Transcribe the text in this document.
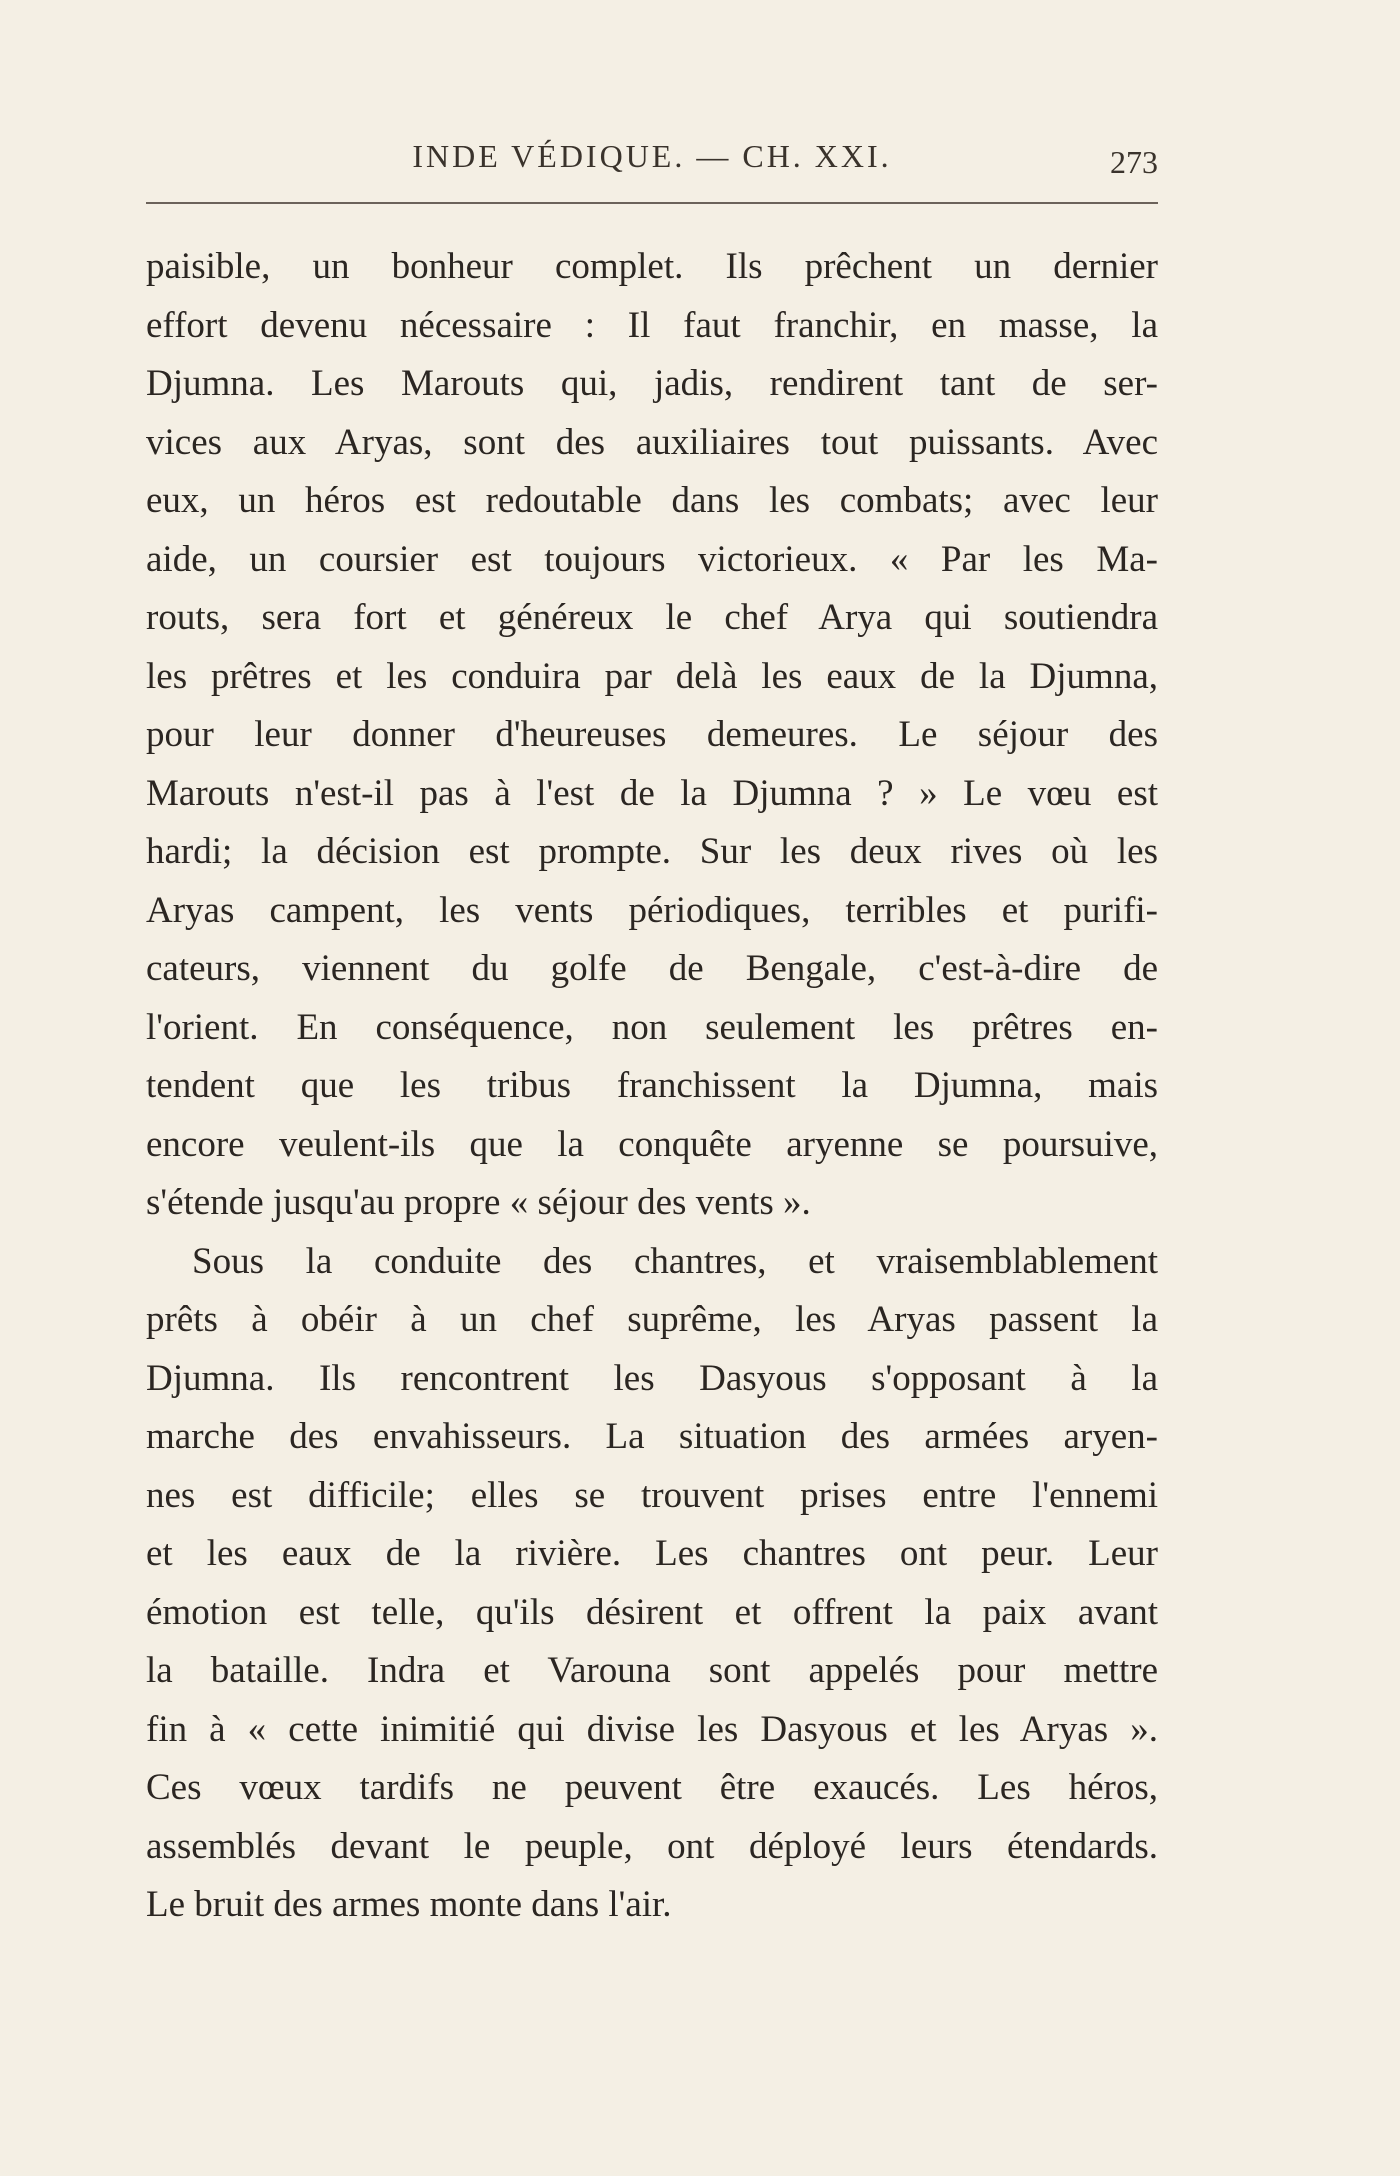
INDE VÉDIQUE. — CH. XXI.	273
paisible, un bonheur complet. Ils prêchent un dernier
effort devenu nécessaire : Il faut franchir, en masse, la
Djumna. Les Marouts qui, jadis, rendirent tant de ser-
vices aux Aryas, sont des auxiliaires tout puissants. Avec
eux, un héros est redoutable dans les combats; avec leur
aide, un coursier est toujours victorieux. « Par les Ma-
routs, sera fort et généreux le chef Arya qui soutiendra
les prêtres et les conduira par delà les eaux de la Djumna,
pour leur donner d'heureuses demeures. Le séjour des
Marouts n'est-il pas à l'est de la Djumna ? » Le vœu est
hardi; la décision est prompte. Sur les deux rives où les
Aryas campent, les vents périodiques, terribles et purifi-
cateurs, viennent du golfe de Bengale, c'est-à-dire de
l'orient. En conséquence, non seulement les prêtres en-
tendent que les tribus franchissent la Djumna, mais
encore veulent-ils que la conquête aryenne se poursuive,
s'étende jusqu'au propre « séjour des vents ».
Sous la conduite des chantres, et vraisemblablement
prêts à obéir à un chef suprême, les Aryas passent la
Djumna. Ils rencontrent les Dasyous s'opposant à la
marche des envahisseurs. La situation des armées aryen-
nes est difficile; elles se trouvent prises entre l'ennemi
et les eaux de la rivière. Les chantres ont peur. Leur
émotion est telle, qu'ils désirent et offrent la paix avant
la bataille. Indra et Varouna sont appelés pour mettre
fin à « cette inimitié qui divise les Dasyous et les Aryas ».
Ces vœux tardifs ne peuvent être exaucés. Les héros,
assemblés devant le peuple, ont déployé leurs étendards.
Le bruit des armes monte dans l'air.
